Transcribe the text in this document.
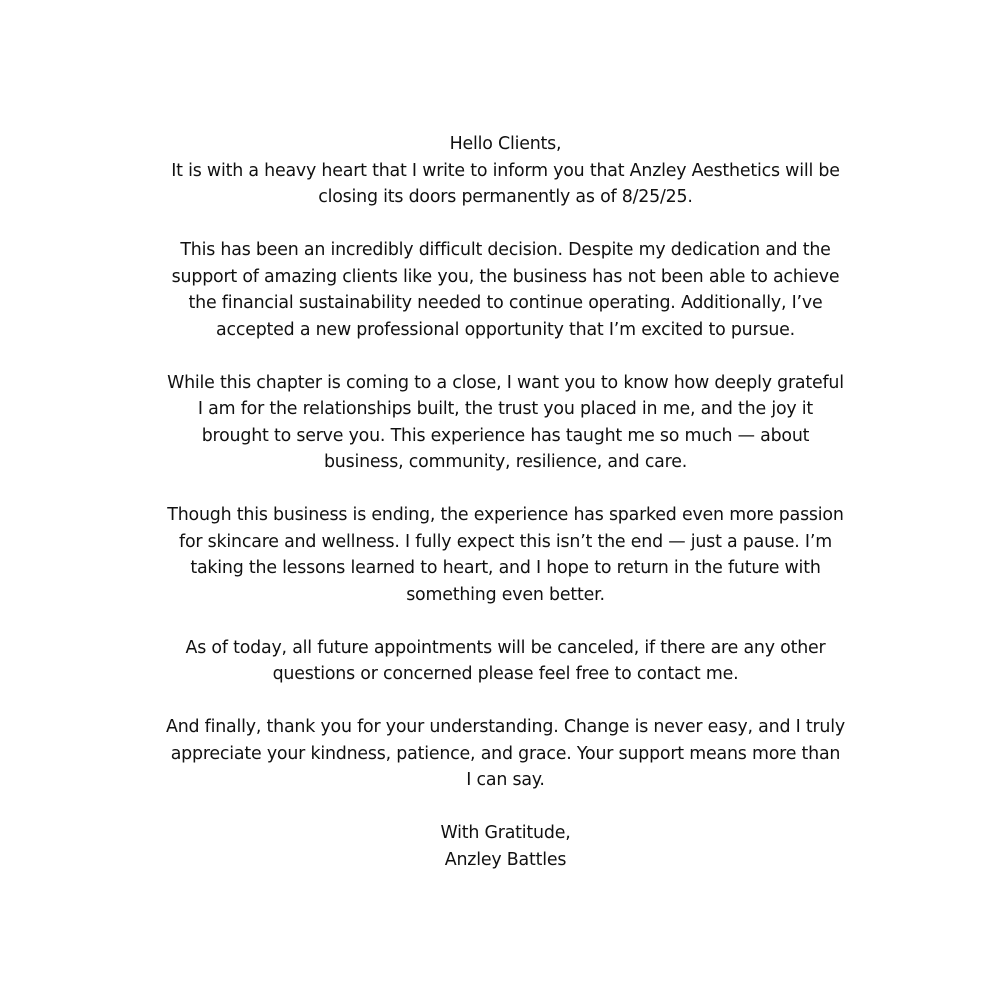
Hello Clients,
It is with a heavy heart that I write to inform you that Anzley Aesthetics will be
closing its doors permanently as of 8/25/25.
This has been an incredibly difficult decision. Despite my dedication and the
support of amazing clients like you, the business has not been able to achieve
the financial sustainability needed to continue operating. Additionally, I’ve
accepted a new professional opportunity that I’m excited to pursue.
While this chapter is coming to a close, I want you to know how deeply grateful
I am for the relationships built, the trust you placed in me, and the joy it
brought to serve you. This experience has taught me so much — about
business, community, resilience, and care.
Though this business is ending, the experience has sparked even more passion
for skincare and wellness. I fully expect this isn’t the end — just a pause. I’m
taking the lessons learned to heart, and I hope to return in the future with
something even better.
As of today, all future appointments will be canceled, if there are any other
questions or concerned please feel free to contact me.
And finally, thank you for your understanding. Change is never easy, and I truly
appreciate your kindness, patience, and grace. Your support means more than
I can say.
With Gratitude,
Anzley Battles
